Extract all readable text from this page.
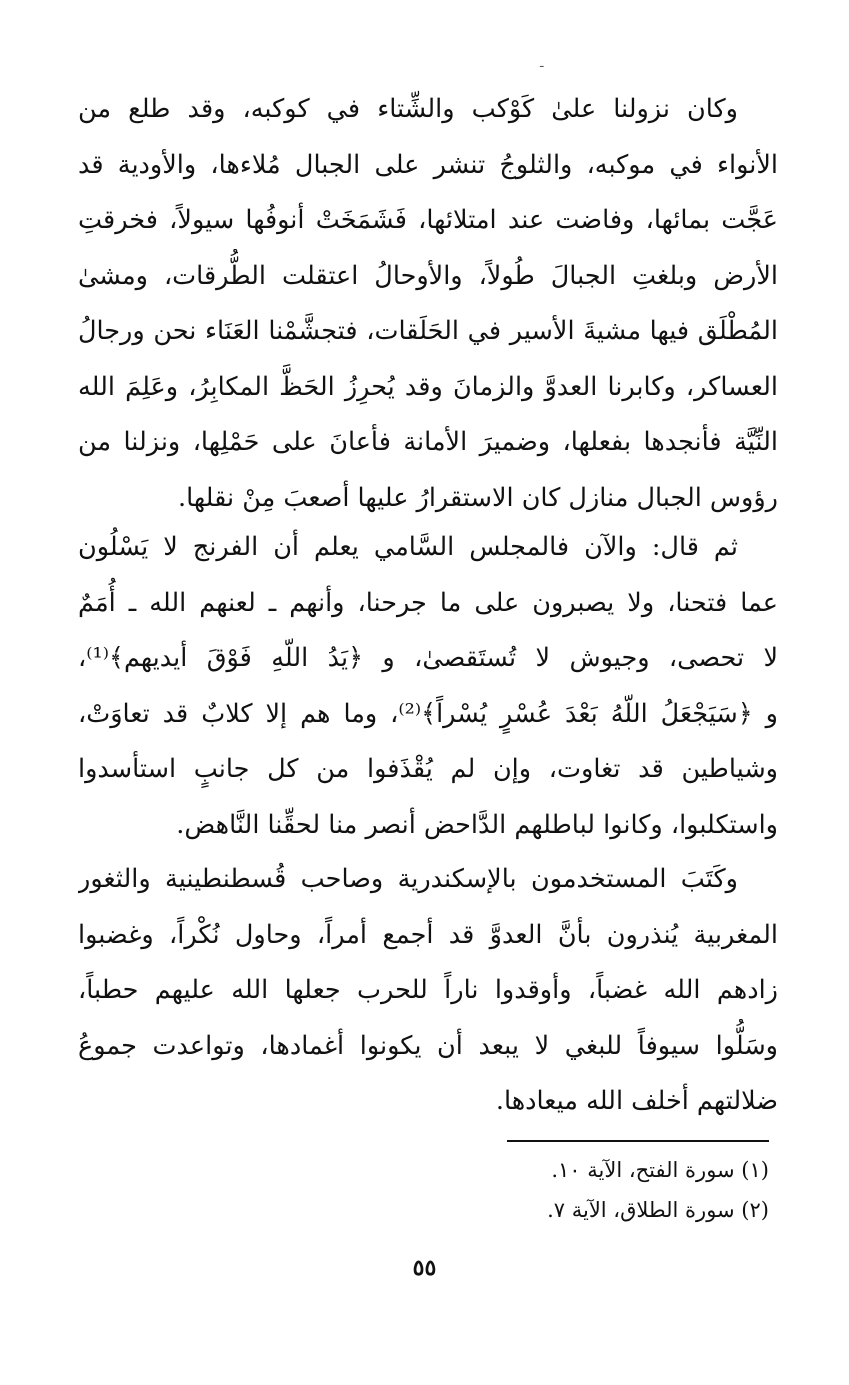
ـ
وكان نزولنا علىٰ كَوْكب والشِّتاء في كوكبه، وقد طلع من
الأنواء في موكبه، والثلوجُ تنشر على الجبال مُلاءها، والأودية قد
عَجَّت بمائها، وفاضت عند امتلائها، فَشَمَخَتْ أنوفُها سيولاً، فخرقتِ
الأرض وبلغتِ الجبالَ طُولاً، والأوحالُ اعتقلت الطُّرقات، ومشىٰ
المُطْلَق فيها مشيةَ الأسير في الحَلَقات، فتجشَّمْنا العَنَاء نحن ورجالُ
العساكر، وكابرنا العدوَّ والزمانَ وقد يُحرِزُ الحَظَّ المكابِرُ، وعَلِمَ الله
النِّيَّة فأنجدها بفعلها، وضميرَ الأمانة فأعانَ على حَمْلِها، ونزلنا من
رؤوس الجبال منازل كان الاستقرارُ عليها أصعبَ مِنْ نقلها.
ثم قال: والآن فالمجلس السَّامي يعلم أن الفرنج لا يَسْلُون
عما فتحنا، ولا يصبرون على ما جرحنا، وأنهم ـ لعنهم الله ـ أُمَمٌ
لا تحصى، وجيوش لا تُستَقصىٰ، و ﴿يَدُ اللّهِ فَوْقَ أيديهم﴾⁽¹⁾،
و ﴿سَيَجْعَلُ اللّهُ بَعْدَ عُسْرٍ يُسْراً﴾⁽²⁾، وما هم إلا كلابٌ قد تعاوَتْ،
وشياطين قد تغاوت، وإن لم يُقْذَفوا من كل جانبٍ استأسدوا
واستكلبوا، وكانوا لباطلهم الدَّاحض أنصر منا لحقِّنا النَّاهض.
وكَتَبَ المستخدمون بالإسكندرية وصاحب قُسطنطينية والثغور
المغربية يُنذرون بأنَّ العدوَّ قد أجمع أمراً، وحاول نُكْراً، وغضبوا
زادهم الله غضباً، وأوقدوا ناراً للحرب جعلها الله عليهم حطباً،
وسَلُّوا سيوفاً للبغي لا يبعد أن يكونوا أغمادها، وتواعدت جموعُ
ضلالتهم أخلف الله ميعادها.
(١) سورة الفتح، الآية ١٠.
(٢) سورة الطلاق، الآية ٧.
٥٥
